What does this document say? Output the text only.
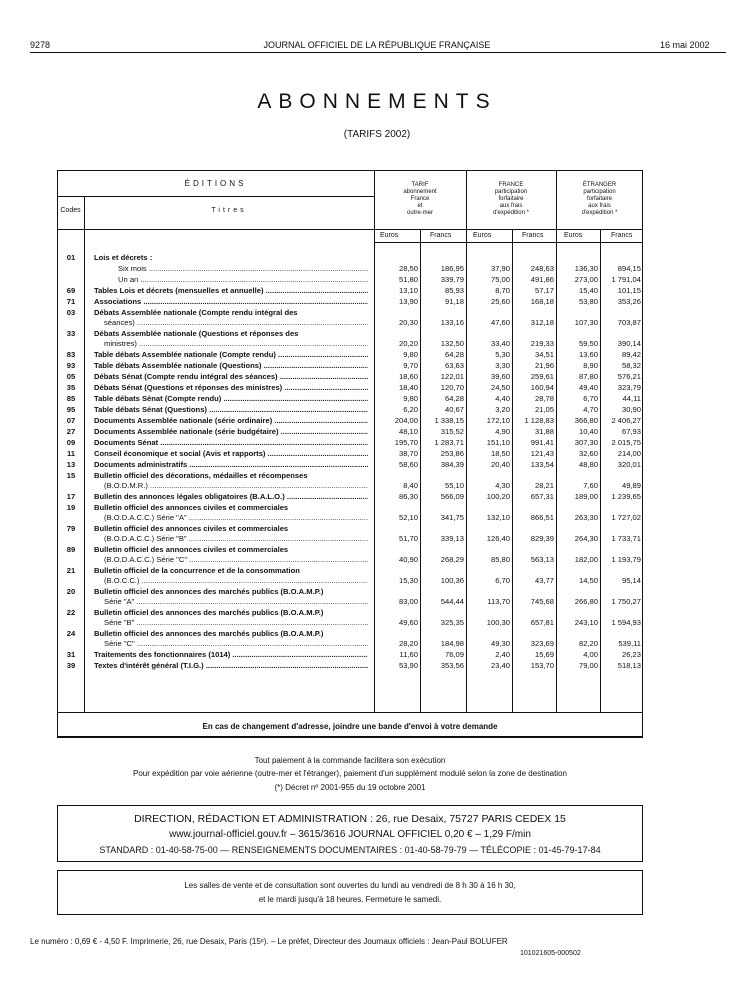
9278	JOURNAL OFFICIEL DE LA RÉPUBLIQUE FRANÇAISE	16 mai 2002
ABONNEMENTS
(TARIFS 2002)
ÉDITIONS
Codes	Titres
TARIF
abonnement
France
et
outre-mer
FRANCE
participation
forfaitaire
aux frais
d'expédition *
ÉTRANGER
participation
forfaitaire
aux frais
d'expédition *
Euros	Francs	Euros	Francs	Euros	Francs
01	Lois et décrets :
Six mois .....	28,50	186,95	37,90	248,63	136,30	894,15
Un an .....	51,80	339,79	75,00	491,86	273,00	1 791,04
69	Tables Lois et décrets (mensuelles et annuelle) .....	13,10	85,93	8,70	57,17	15,40	101,15
71	Associations .....	13,90	91,18	25,60	168,18	53,80	353,26
03	Débats Assemblée nationale (Compte rendu intégral des
séances) .....	20,30	133,16	47,60	312,18	107,30	703,87
33	Débats Assemblée nationale (Questions et réponses des
ministres) .....	20,20	132,50	33,40	219,33	59,50	390,14
83	Table débats Assemblée nationale (Compte rendu) .....	9,80	64,28	5,30	34,51	13,60	89,42
93	Table débats Assemblée nationale (Questions) .....	9,70	63,63	3,30	21,96	8,90	58,32
05	Débats Sénat (Compte rendu intégral des séances) .....	18,60	122,01	39,60	259,61	87,80	576,21
35	Débats Sénat (Questions et réponses des ministres) .....	18,40	120,70	24,50	160,94	49,40	323,79
85	Table débats Sénat (Compte rendu) .....	9,80	64,28	4,40	28,78	6,70	44,11
95	Table débats Sénat (Questions) .....	6,20	40,67	3,20	21,05	4,70	30,90
07	Documents Assemblée nationale (série ordinaire) .....	204,00	1 338,15	172,10	1 128,83	366,80	2 406,27
27	Documents Assemblée nationale (série budgétaire) .....	48,10	315,52	4,90	31,88	10,40	67,93
09	Documents Sénat .....	195,70	1 283,71	151,10	991,41	307,30	2 015,75
11	Conseil économique et social (Avis et rapports) .....	38,70	253,86	18,50	121,43	32,60	214,00
13	Documents administratifs .....	58,60	384,39	20,40	133,54	48,80	320,01
15	Bulletin officiel des décorations, médailles et récompenses
(B.O.D.M.R.) .....	8,40	55,10	4,30	28,21	7,60	49,89
17	Bulletin des annonces légales obligatoires (B.A.L.O.) .....	86,30	566,09	100,20	657,31	189,00	1 239,65
19	Bulletin officiel des annonces civiles et commerciales
(B.O.D.A.C.C.) Série "A" .....	52,10	341,75	132,10	866,51	263,30	1 727,02
79	Bulletin officiel des annonces civiles et commerciales
(B.O.D.A.C.C.) Série "B" .....	51,70	339,13	126,40	829,39	264,30	1 733,71
89	Bulletin officiel des annonces civiles et commerciales
(B.O.D.A.C.C.) Série "C" .....	40,90	268,29	85,80	563,13	182,00	1 193,79
21	Bulletin officiel de la concurrence et de la consommation
(B.O.C.C.) .....	15,30	100,36	6,70	43,77	14,50	95,14
20	Bulletin officiel des annonces des marchés publics (B.O.A.M.P.)
Série "A" .....	83,00	544,44	113,70	745,68	266,80	1 750,27
22	Bulletin officiel des annonces des marchés publics (B.O.A.M.P.)
Série "B" .....	49,60	325,35	100,30	657,81	243,10	1 594,93
24	Bulletin officiel des annonces des marchés publics (B.O.A.M.P.)
Série "C" .....	28,20	184,98	49,30	323,69	82,20	539,11
31	Traitements des fonctionnaires (1014) .....	11,60	76,09	2,40	15,69	4,00	26,23
39	Textes d'intérêt général (T.I.G.) .....	53,90	353,56	23,40	153,70	79,00	518,13
En cas de changement d'adresse, joindre une bande d'envoi à votre demande
Tout paiement à la commande facilitera son exécution
Pour expédition par voie aérienne (outre-mer et l'étranger), paiement d'un supplément modulé selon la zone de destination
(*) Décret nº 2001-955 du 19 octobre 2001
DIRECTION, RÉDACTION ET ADMINISTRATION : 26, rue Desaix, 75727 PARIS CEDEX 15
www.journal-officiel.gouv.fr – 3615/3616 JOURNAL OFFICIEL 0,20 € – 1,29 F/min
STANDARD : 01-40-58-75-00 — RENSEIGNEMENTS DOCUMENTAIRES : 01-40-58-79-79 — TÉLÉCOPIE : 01-45-79-17-84
Les salles de vente et de consultation sont ouvertes du lundi au vendredi de 8 h 30 à 16 h 30,
et le mardi jusqu'à 18 heures. Fermeture le samedi.
Le numéro : 0,69 € - 4,50 F. Imprimerie, 26, rue Desaix, Paris (15ᵉ). – Le préfet, Directeur des Journaux officiels : Jean-Paul BOLUFER
101021605-000502
